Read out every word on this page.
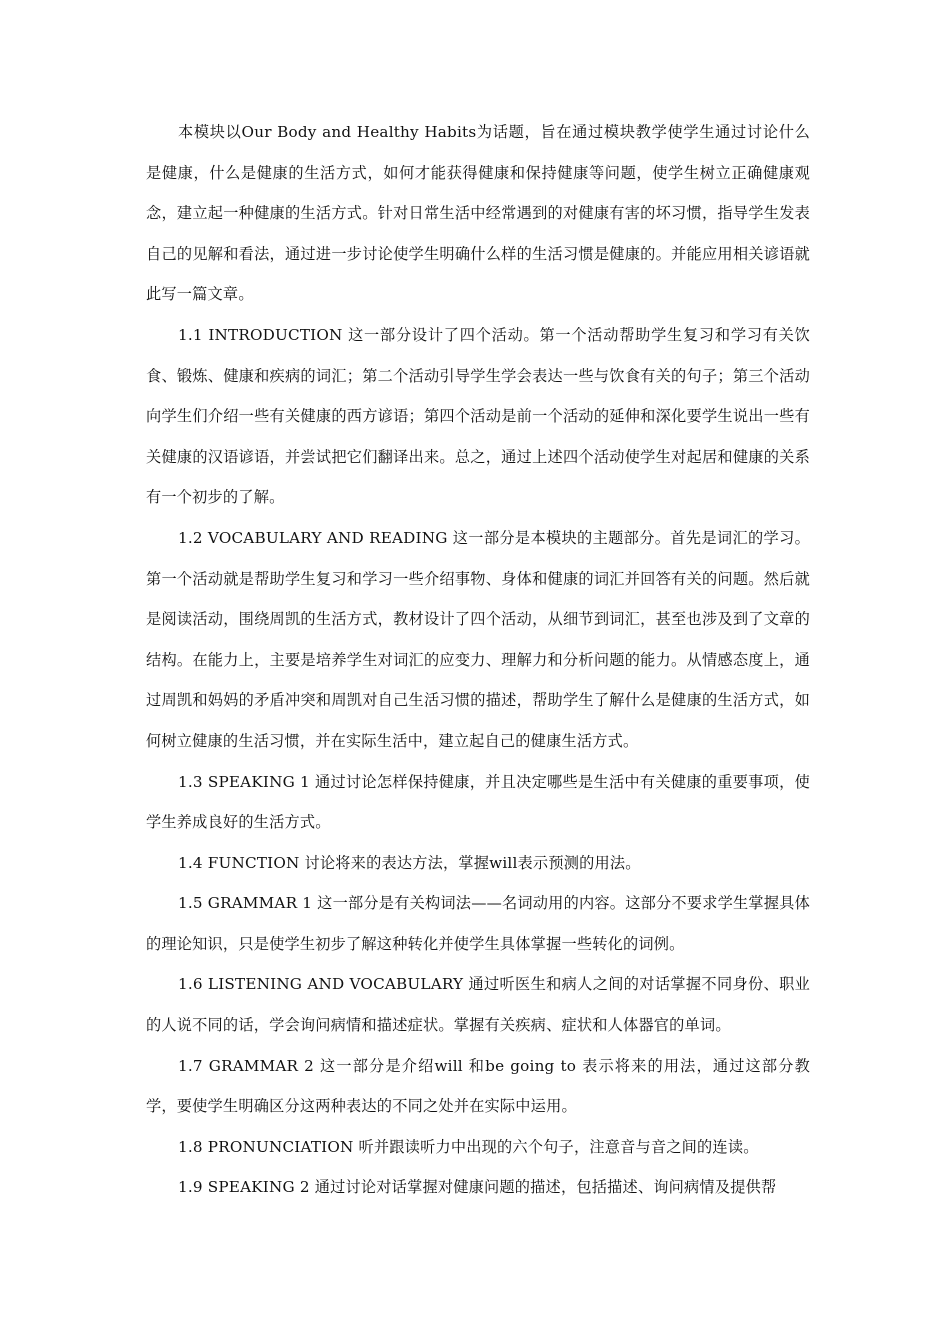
本模块以Our Body and Healthy Habits为话题，旨在通过模块教学使学生通过讨论什么是健康，什么是健康的生活方式，如何才能获得健康和保持健康等问题，使学生树立正确健康观念，建立起一种健康的生活方式。针对日常生活中经常遇到的对健康有害的坏习惯，指导学生发表自己的见解和看法，通过进一步讨论使学生明确什么样的生活习惯是健康的。并能应用相关谚语就此写一篇文章。

1.1 INTRODUCTION 这一部分设计了四个活动。第一个活动帮助学生复习和学习有关饮食、锻炼、健康和疾病的词汇；第二个活动引导学生学会表达一些与饮食有关的句子；第三个活动向学生们介绍一些有关健康的西方谚语；第四个活动是前一个活动的延伸和深化要学生说出一些有关健康的汉语谚语，并尝试把它们翻译出来。总之，通过上述四个活动使学生对起居和健康的关系有一个初步的了解。

1.2 VOCABULARY AND READING 这一部分是本模块的主题部分。首先是词汇的学习。第一个活动就是帮助学生复习和学习一些介绍事物、身体和健康的词汇并回答有关的问题。然后就是阅读活动，围绕周凯的生活方式，教材设计了四个活动，从细节到词汇，甚至也涉及到了文章的结构。在能力上，主要是培养学生对词汇的应变力、理解力和分析问题的能力。从情感态度上，通过周凯和妈妈的矛盾冲突和周凯对自己生活习惯的描述，帮助学生了解什么是健康的生活方式，如何树立健康的生活习惯，并在实际生活中，建立起自己的健康生活方式。

1.3 SPEAKING 1 通过讨论怎样保持健康，并且决定哪些是生活中有关健康的重要事项，使学生养成良好的生活方式。

1.4 FUNCTION 讨论将来的表达方法，掌握will表示预测的用法。

1.5 GRAMMAR 1 这一部分是有关构词法——名词动用的内容。这部分不要求学生掌握具体的理论知识，只是使学生初步了解这种转化并使学生具体掌握一些转化的词例。

1.6 LISTENING AND VOCABULARY 通过听医生和病人之间的对话掌握不同身份、职业的人说不同的话，学会询问病情和描述症状。掌握有关疾病、症状和人体器官的单词。

1.7 GRAMMAR 2 这一部分是介绍will 和be going to 表示将来的用法，通过这部分教学，要使学生明确区分这两种表达的不同之处并在实际中运用。

1.8 PRONUNCIATION 听并跟读听力中出现的六个句子，注意音与音之间的连读。

1.9 SPEAKING 2 通过讨论对话掌握对健康问题的描述，包括描述、询问病情及提供帮
